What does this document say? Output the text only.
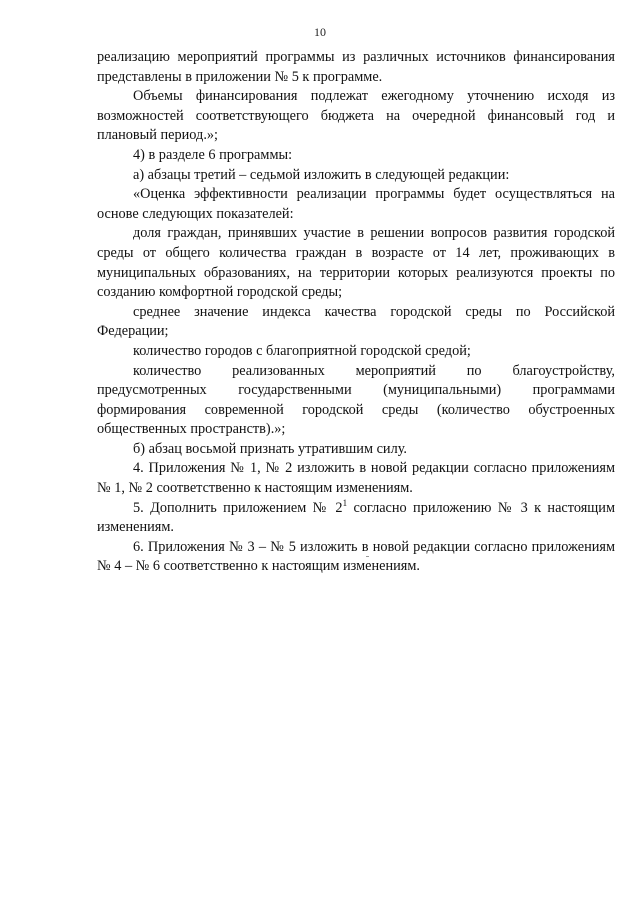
10

реализацию мероприятий программы из различных источников финансирования представлены в приложении № 5 к программе.

Объемы финансирования подлежат ежегодному уточнению исходя из возможностей соответствующего бюджета на очередной финансовый год и плановый период.»;

4) в разделе 6 программы:

а) абзацы третий – седьмой изложить в следующей редакции:

«Оценка эффективности реализации программы будет осуществляться на основе следующих показателей:

доля граждан, принявших участие в решении вопросов развития городской среды от общего количества граждан в возрасте от 14 лет, проживающих в муниципальных образованиях, на территории которых реализуются проекты по созданию комфортной городской среды;

среднее значение индекса качества городской среды по Российской Федерации;

количество городов с благоприятной городской средой;

количество реализованных мероприятий по благоустройству, предусмотренных государственными (муниципальными) программами формирования современной городской среды (количество обустроенных общественных пространств).»;

б) абзац восьмой признать утратившим силу.

4. Приложения № 1, № 2 изложить в новой редакции согласно приложениям № 1, № 2 соответственно к настоящим изменениям.

5. Дополнить приложением № $2^1$ согласно приложению № 3 к настоящим изменениям.

6. Приложения № 3 – № 5 изложить в новой редакции согласно приложениям № 4 – № 6 соответственно к настоящим изменениям.
